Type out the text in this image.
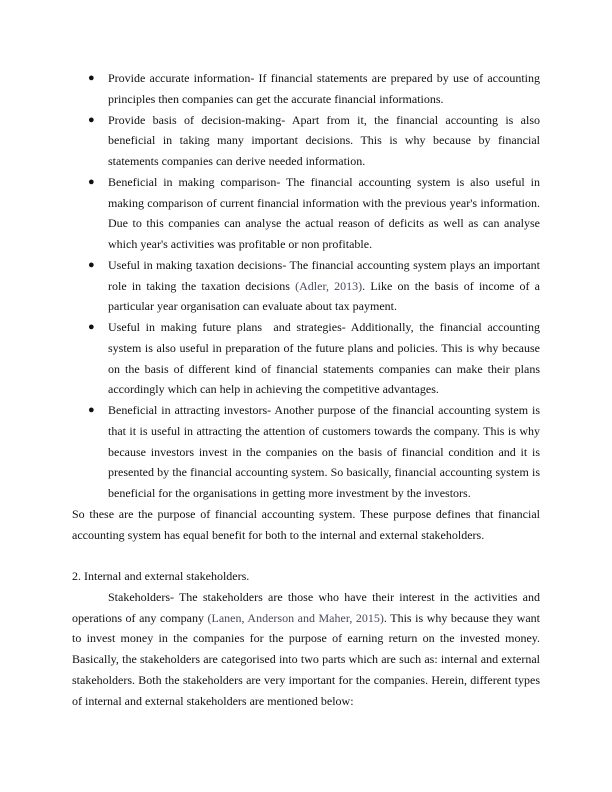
● Provide accurate information- If financial statements are prepared by use of accounting principles then companies can get the accurate financial informations.
● Provide basis of decision-making- Apart from it, the financial accounting is also beneficial in taking many important decisions. This is why because by financial statements companies can derive needed information.
● Beneficial in making comparison- The financial accounting system is also useful in making comparison of current financial information with the previous year's information. Due to this companies can analyse the actual reason of deficits as well as can analyse which year's activities was profitable or non profitable.
● Useful in making taxation decisions- The financial accounting system plays an important role in taking the taxation decisions (Adler, 2013). Like on the basis of income of a particular year organisation can evaluate about tax payment.
● Useful in making future plans  and strategies- Additionally, the financial accounting system is also useful in preparation of the future plans and policies. This is why because on the basis of different kind of financial statements companies can make their plans accordingly which can help in achieving the competitive advantages.
● Beneficial in attracting investors- Another purpose of the financial accounting system is that it is useful in attracting the attention of customers towards the company. This is why because investors invest in the companies on the basis of financial condition and it is presented by the financial accounting system. So basically, financial accounting system is beneficial for the organisations in getting more investment by the investors.

So these are the purpose of financial accounting system. These purpose defines that financial accounting system has equal benefit for both to the internal and external stakeholders.

2. Internal and external stakeholders.

Stakeholders- The stakeholders are those who have their interest in the activities and operations of any company (Lanen, Anderson and Maher, 2015). This is why because they want to invest money in the companies for the purpose of earning return on the invested money. Basically, the stakeholders are categorised into two parts which are such as: internal and external stakeholders. Both the stakeholders are very important for the companies. Herein, different types of internal and external stakeholders are mentioned below:
